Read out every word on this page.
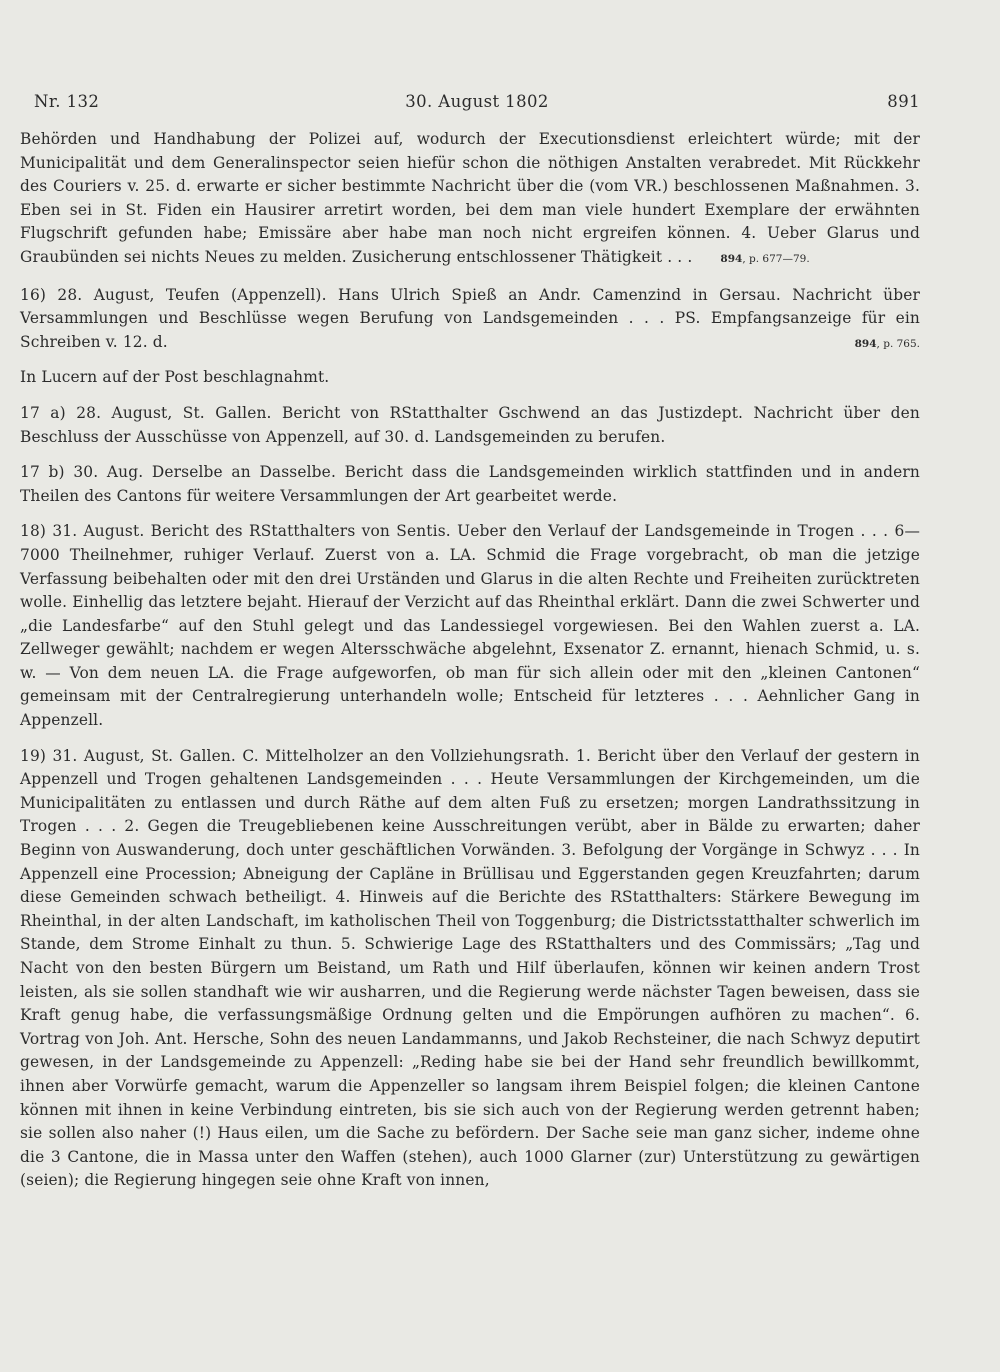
Nr. 132	30. August 1802	891

Behörden und Handhabung der Polizei auf, wodurch der Executionsdienst erleichtert würde; mit der Municipalität und dem Generalinspector seien hiefür schon die nöthigen Anstalten verabredet. Mit Rückkehr des Couriers v. 25. d. erwarte er sicher bestimmte Nachricht über die (vom VR.) beschlossenen Maßnahmen. 3. Eben sei in St. Fiden ein Hausirer arretirt worden, bei dem man viele hundert Exemplare der erwähnten Flugschrift gefunden habe; Emissäre aber habe man noch nicht ergreifen können. 4. Ueber Glarus und Graubünden sei nichts Neues zu melden. Zusicherung entschlossener Thätigkeit . . .	894, p. 677—79.

16) 28. August, Teufen (Appenzell). Hans Ulrich Spieß an Andr. Camenzind in Gersau. Nachricht über Versammlungen und Beschlüsse wegen Berufung von Landsgemeinden . . . PS. Empfangsanzeige für ein Schreiben v. 12. d.	894, p. 765.

In Lucern auf der Post beschlagnahmt.

17 a) 28. August, St. Gallen. Bericht von RStatthalter Gschwend an das Justizdept. Nachricht über den Beschluss der Ausschüsse von Appenzell, auf 30. d. Landsgemeinden zu berufen.

17 b) 30. Aug. Derselbe an Dasselbe. Bericht dass die Landsgemeinden wirklich stattfinden und in andern Theilen des Cantons für weitere Versammlungen der Art gearbeitet werde.

18) 31. August. Bericht des RStatthalters von Sentis. Ueber den Verlauf der Landsgemeinde in Trogen . . . 6—7000 Theilnehmer, ruhiger Verlauf. Zuerst von a. LA. Schmid die Frage vorgebracht, ob man die jetzige Verfassung beibehalten oder mit den drei Urständen und Glarus in die alten Rechte und Freiheiten zurücktreten wolle. Einhellig das letztere bejaht. Hierauf der Verzicht auf das Rheinthal erklärt. Dann die zwei Schwerter und „die Landesfarbe“ auf den Stuhl gelegt und das Landessiegel vorgewiesen. Bei den Wahlen zuerst a. LA. Zellweger gewählt; nachdem er wegen Altersschwäche abgelehnt, Exsenator Z. ernannt, hienach Schmid, u. s. w. — Von dem neuen LA. die Frage aufgeworfen, ob man für sich allein oder mit den „kleinen Cantonen“ gemeinsam mit der Centralregierung unterhandeln wolle; Entscheid für letzteres . . . Aehnlicher Gang in Appenzell.

19) 31. August, St. Gallen. C. Mittelholzer an den Vollziehungsrath. 1. Bericht über den Verlauf der gestern in Appenzell und Trogen gehaltenen Landsgemeinden . . . Heute Versammlungen der Kirchgemeinden, um die Municipalitäten zu entlassen und durch Räthe auf dem alten Fuß zu ersetzen; morgen Landrathssitzung in Trogen . . . 2. Gegen die Treugebliebenen keine Ausschreitungen verübt, aber in Bälde zu erwarten; daher Beginn von Auswanderung, doch unter geschäftlichen Vorwänden. 3. Befolgung der Vorgänge in Schwyz . . . In Appenzell eine Procession; Abneigung der Capläne in Brüllisau und Eggerstanden gegen Kreuzfahrten; darum diese Gemeinden schwach betheiligt. 4. Hinweis auf die Berichte des RStatthalters: Stärkere Bewegung im Rheinthal, in der alten Landschaft, im katholischen Theil von Toggenburg; die Districtsstatthalter schwerlich im Stande, dem Strome Einhalt zu thun. 5. Schwierige Lage des RStatthalters und des Commissärs; „Tag und Nacht von den besten Bürgern um Beistand, um Rath und Hilf überlaufen, können wir keinen andern Trost leisten, als sie sollen standhaft wie wir ausharren, und die Regierung werde nächster Tagen beweisen, dass sie Kraft genug habe, die verfassungsmäßige Ordnung gelten und die Empörungen aufhören zu machen“. 6. Vortrag von Joh. Ant. Hersche, Sohn des neuen Landammanns, und Jakob Rechsteiner, die nach Schwyz deputirt gewesen, in der Landsgemeinde zu Appenzell: „Reding habe sie bei der Hand sehr freundlich bewillkommt, ihnen aber Vorwürfe gemacht, warum die Appenzeller so langsam ihrem Beispiel folgen; die kleinen Cantone können mit ihnen in keine Verbindung eintreten, bis sie sich auch von der Regierung werden getrennt haben; sie sollen also naher (!) Haus eilen, um die Sache zu befördern. Der Sache seie man ganz sicher, indeme ohne die 3 Cantone, die in Massa unter den Waffen (stehen), auch 1000 Glarner (zur) Unterstützung zu gewärtigen (seien); die Regierung hingegen seie ohne Kraft von innen,
